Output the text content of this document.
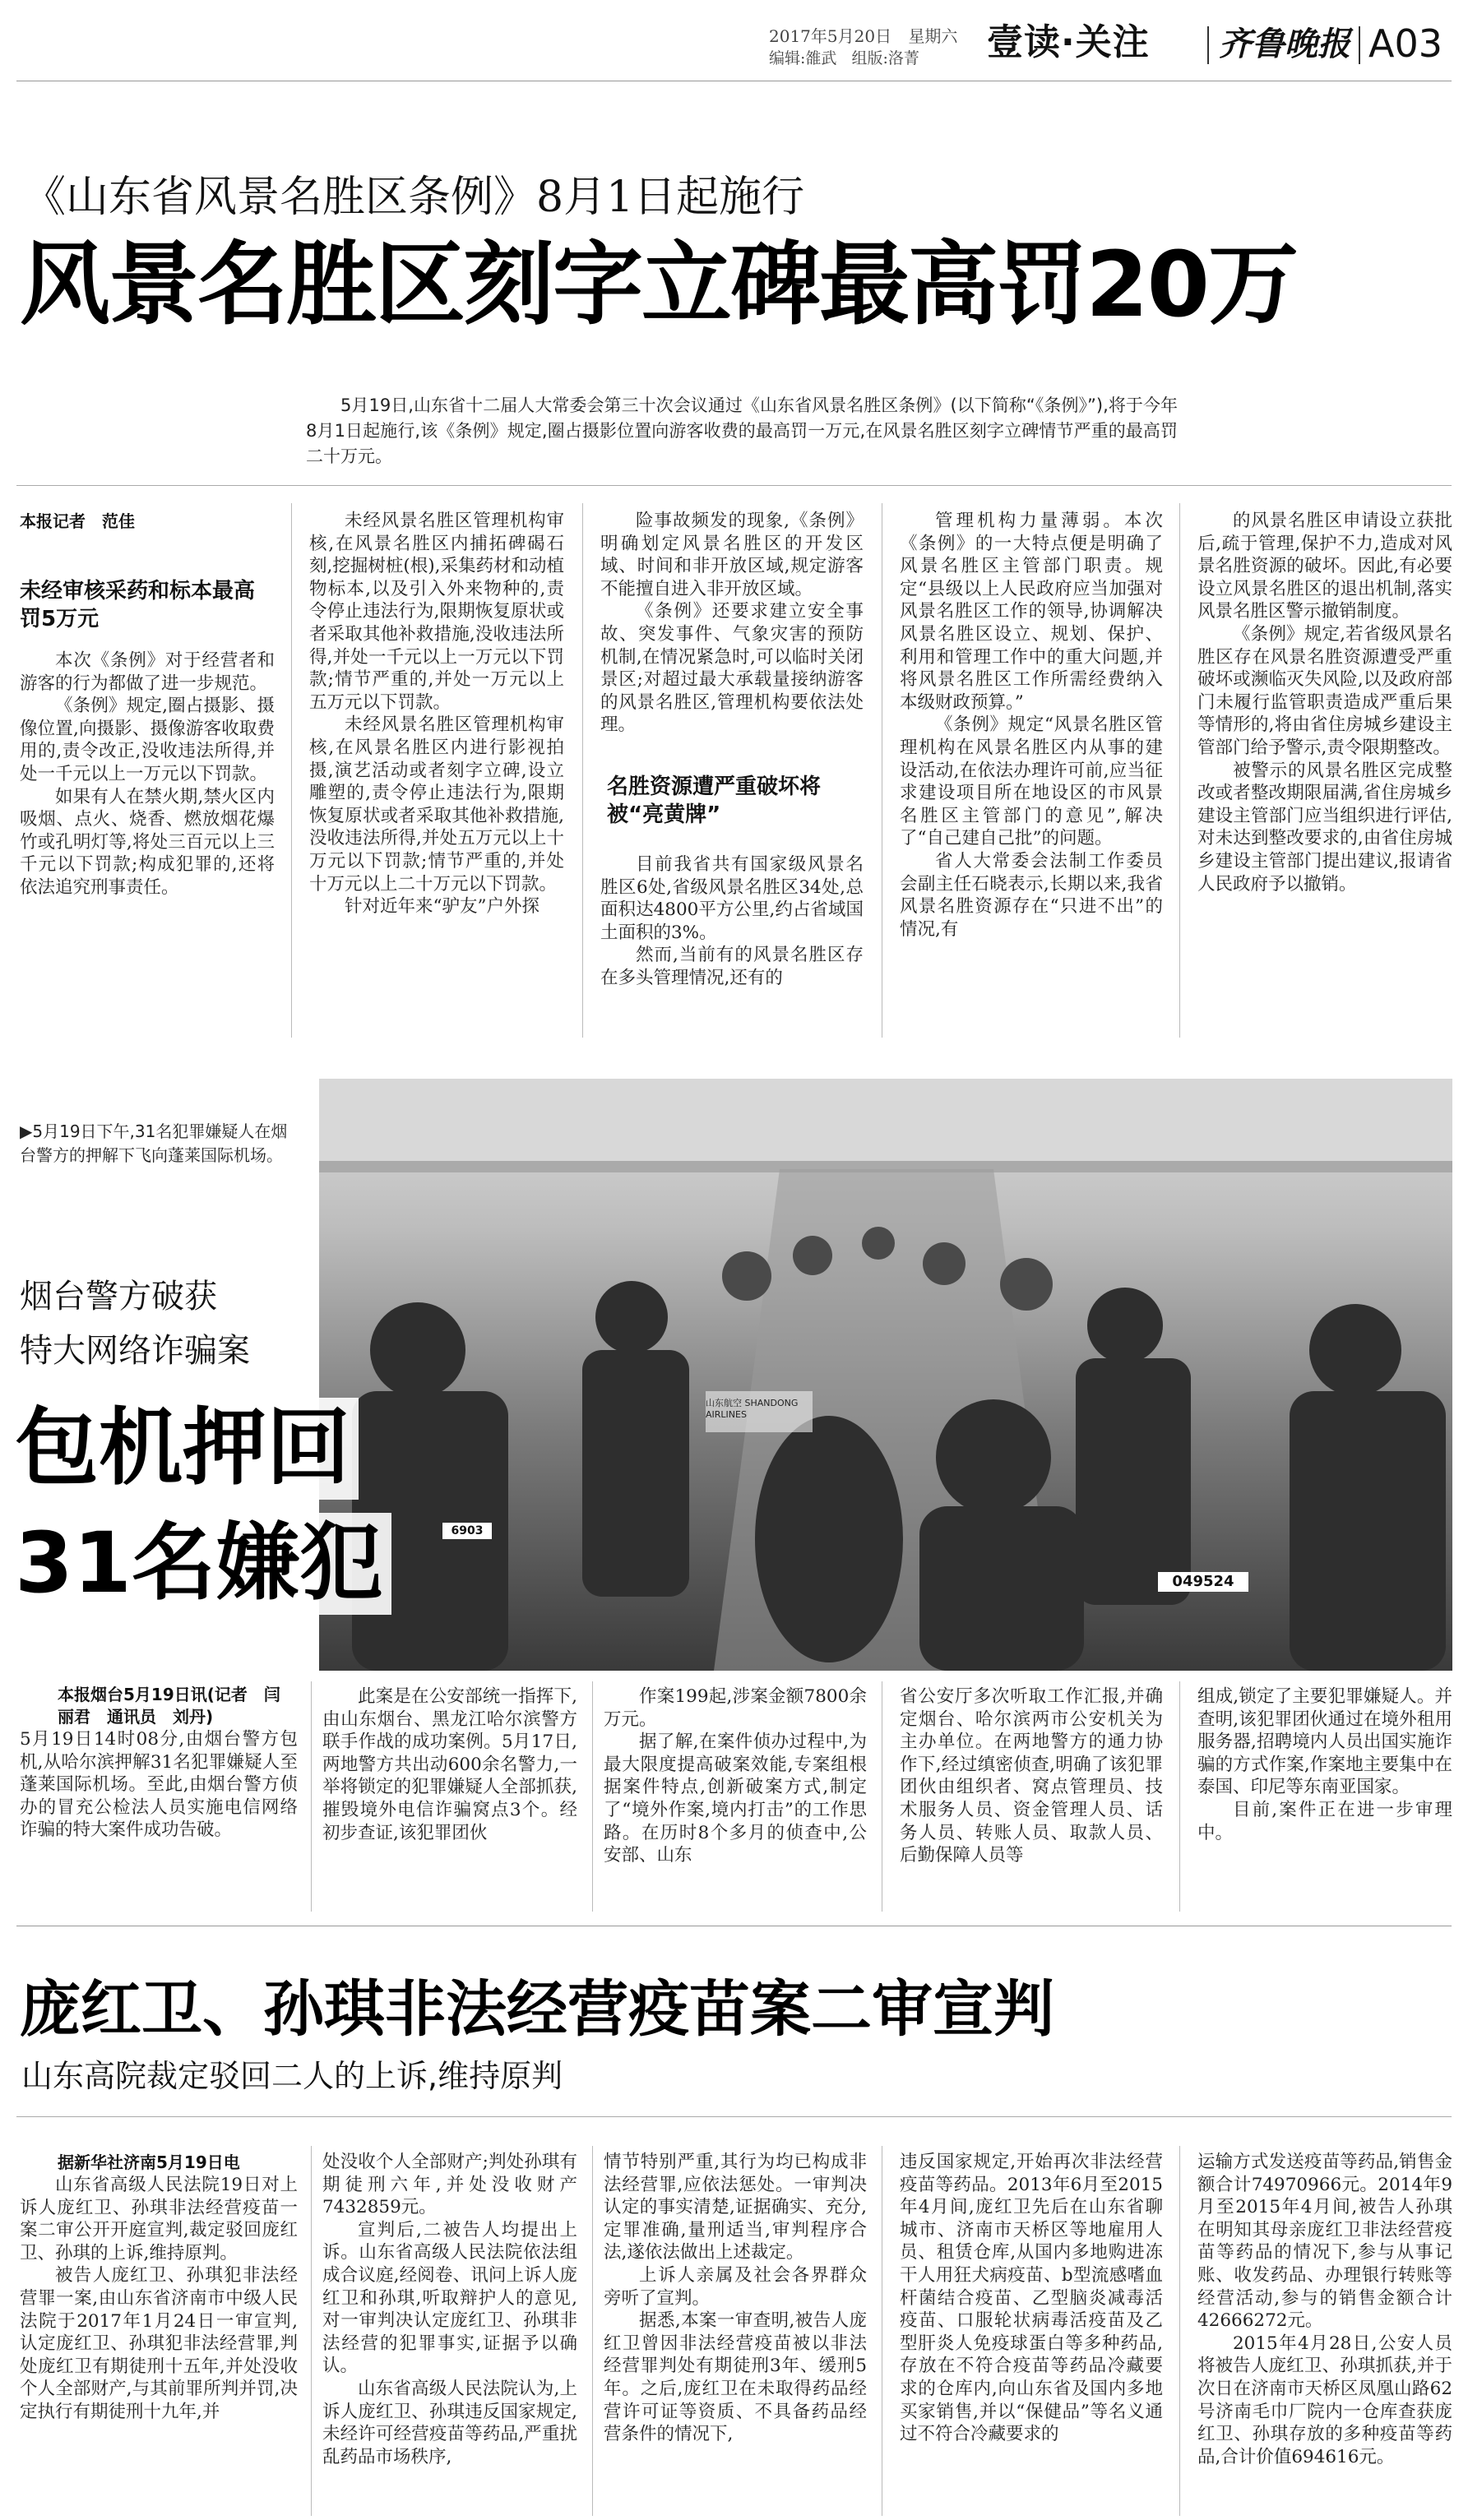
2017年5月20日 星期六
编辑:雒武   组版:洛菁 壹读·关注 齐鲁晚报 A03
《山东省风景名胜区条例》8月1日起施行
风景名胜区刻字立碑最高罚20万
5月19日,山东省十二届人大常委会第三十次会议通过《山东省风景名胜区条例》(以下简称“《条例》”),将于今年8月1日起施行,该《条例》规定,圈占摄影位置向游客收费的最高罚一万元,在风景名胜区刻字立碑情节严重的最高罚二十万元。
本报记者　范佳
未经审核采药和标本最高罚5万元

本次《条例》对于经营者和游客的行为都做了进一步规范。

《条例》规定,圈占摄影、摄像位置,向摄影、摄像游客收取费用的,责令改正,没收违法所得,并处一千元以上一万元以下罚款。

如果有人在禁火期,禁火区内吸烟、点火、烧香、燃放烟花爆竹或孔明灯等,将处三百元以上三千元以下罚款;构成犯罪的,还将依法追究刑事责任。

未经风景名胜区管理机构审核,在风景名胜区内捕拓碑碣石刻,挖掘树桩(根),采集药材和动植物标本,以及引入外来物种的,责令停止违法行为,限期恢复原状或者采取其他补救措施,没收违法所得,并处一千元以上一万元以下罚款;情节严重的,并处一万元以上五万元以下罚款。

未经风景名胜区管理机构审核,在风景名胜区内进行影视拍摄,演艺活动或者刻字立碑,设立雕塑的,责令停止违法行为,限期恢复原状或者采取其他补救措施,没收违法所得,并处五万元以上十万元以下罚款;情节严重的,并处十万元以上二十万元以下罚款。

针对近年来“驴友”户外探

险事故频发的现象,《条例》明确划定风景名胜区的开发区域、时间和非开放区域,规定游客不能擅自进入非开放区域。

《条例》还要求建立安全事故、突发事件、气象灾害的预防机制,在情况紧急时,可以临时关闭景区;对超过最大承载量接纳游客的风景名胜区,管理机构要依法处理。

名胜资源遭严重破坏将被“亮黄牌”

目前我省共有国家级风景名胜区6处,省级风景名胜区34处,总面积达4800平方公里,约占省域国土面积的3%。

然而,当前有的风景名胜区存在多头管理情况,还有的

管理机构力量薄弱。本次《条例》的一大特点便是明确了风景名胜区主管部门职责。规定“县级以上人民政府应当加强对风景名胜区工作的领导,协调解决风景名胜区设立、规划、保护、利用和管理工作中的重大问题,并将风景名胜区工作所需经费纳入本级财政预算。”

《条例》规定“风景名胜区管理机构在风景名胜区内从事的建设活动,在依法办理许可前,应当征求建设项目所在地设区的市风景名胜区主管部门的意见”,解决了“自己建自己批”的问题。

省人大常委会法制工作委员会副主任石晓表示,长期以来,我省风景名胜资源存在“只进不出”的情况,有

的风景名胜区申请设立获批后,疏于管理,保护不力,造成对风景名胜资源的破坏。因此,有必要设立风景名胜区的退出机制,落实风景名胜区警示撤销制度。

《条例》规定,若省级风景名胜区存在风景名胜资源遭受严重破坏或濒临灭失风险,以及政府部门未履行监管职责造成严重后果等情形的,将由省住房城乡建设主管部门给予警示,责令限期整改。

被警示的风景名胜区完成整改或者整改期限届满,省住房城乡建设主管部门应当组织进行评估,对未达到整改要求的,由省住房城乡建设主管部门提出建议,报请省人民政府予以撤销。

山东航空 SHANDONG AIRLINES
049524
6903
▶5月19日下午,31名犯罪嫌疑人在烟台警方的押解下飞向蓬莱国际机场。
烟台警方破获
特大网络诈骗案
包机押回
31名嫌犯
本报烟台5月19日讯(记者　闫丽君　通讯员　刘丹)

5月19日14时08分,由烟台警方包机,从哈尔滨押解31名犯罪嫌疑人至蓬莱国际机场。至此,由烟台警方侦办的冒充公检法人员实施电信网络诈骗的特大案件成功告破。

此案是在公安部统一指挥下,由山东烟台、黑龙江哈尔滨警方联手作战的成功案例。5月17日,两地警方共出动600余名警力,一举将锁定的犯罪嫌疑人全部抓获,摧毁境外电信诈骗窝点3个。经初步查证,该犯罪团伙

作案199起,涉案金额7800余万元。

据了解,在案件侦办过程中,为最大限度提高破案效能,专案组根据案件特点,创新破案方式,制定了“境外作案,境内打击”的工作思路。在历时8个多月的侦查中,公安部、山东

省公安厅多次听取工作汇报,并确定烟台、哈尔滨两市公安机关为主办单位。在两地警方的通力协作下,经过缜密侦查,明确了该犯罪团伙由组织者、窝点管理员、技术服务人员、资金管理人员、话务人员、转账人员、取款人员、后勤保障人员等

组成,锁定了主要犯罪嫌疑人。并查明,该犯罪团伙通过在境外租用服务器,招聘境内人员出国实施诈骗的方式作案,作案地主要集中在泰国、印尼等东南亚国家。

目前,案件正在进一步审理中。

庞红卫、孙琪非法经营疫苗案二审宣判
山东高院裁定驳回二人的上诉,维持原判
据新华社济南5月19日电

山东省高级人民法院19日对上诉人庞红卫、孙琪非法经营疫苗一案二审公开开庭宣判,裁定驳回庞红卫、孙琪的上诉,维持原判。

被告人庞红卫、孙琪犯非法经营罪一案,由山东省济南市中级人民法院于2017年1月24日一审宣判,认定庞红卫、孙琪犯非法经营罪,判处庞红卫有期徒刑十五年,并处没收个人全部财产,与其前罪所判并罚,决定执行有期徒刑十九年,并

处没收个人全部财产;判处孙琪有期徒刑六年,并处没收财产7432859元。

宣判后,二被告人均提出上诉。山东省高级人民法院依法组成合议庭,经阅卷、讯问上诉人庞红卫和孙琪,听取辩护人的意见,对一审判决认定庞红卫、孙琪非法经营的犯罪事实,证据予以确认。

山东省高级人民法院认为,上诉人庞红卫、孙琪违反国家规定,未经许可经营疫苗等药品,严重扰乱药品市场秩序,

情节特别严重,其行为均已构成非法经营罪,应依法惩处。一审判决认定的事实清楚,证据确实、充分,定罪准确,量刑适当,审判程序合法,遂依法做出上述裁定。

上诉人亲属及社会各界群众旁听了宣判。

据悉,本案一审查明,被告人庞红卫曾因非法经营疫苗被以非法经营罪判处有期徒刑3年、缓刑5年。之后,庞红卫在未取得药品经营许可证等资质、不具备药品经营条件的情况下,

违反国家规定,开始再次非法经营疫苗等药品。2013年6月至2015年4月间,庞红卫先后在山东省聊城市、济南市天桥区等地雇用人员、租赁仓库,从国内多地购进冻干人用狂犬病疫苗、b型流感嗜血杆菌结合疫苗、乙型脑炎减毒活疫苗、口服轮状病毒活疫苗及乙型肝炎人免疫球蛋白等多种药品,存放在不符合疫苗等药品冷藏要求的仓库内,向山东省及国内多地买家销售,并以“保健品”等名义通过不符合冷藏要求的

运输方式发送疫苗等药品,销售金额合计74970966元。2014年9月至2015年4月间,被告人孙琪在明知其母亲庞红卫非法经营疫苗等药品的情况下,参与从事记账、收发药品、办理银行转账等经营活动,参与的销售金额合计42666272元。

2015年4月28日,公安人员将被告人庞红卫、孙琪抓获,并于次日在济南市天桥区凤凰山路62号济南毛巾厂院内一仓库查获庞红卫、孙琪存放的多种疫苗等药品,合计价值694616元。
